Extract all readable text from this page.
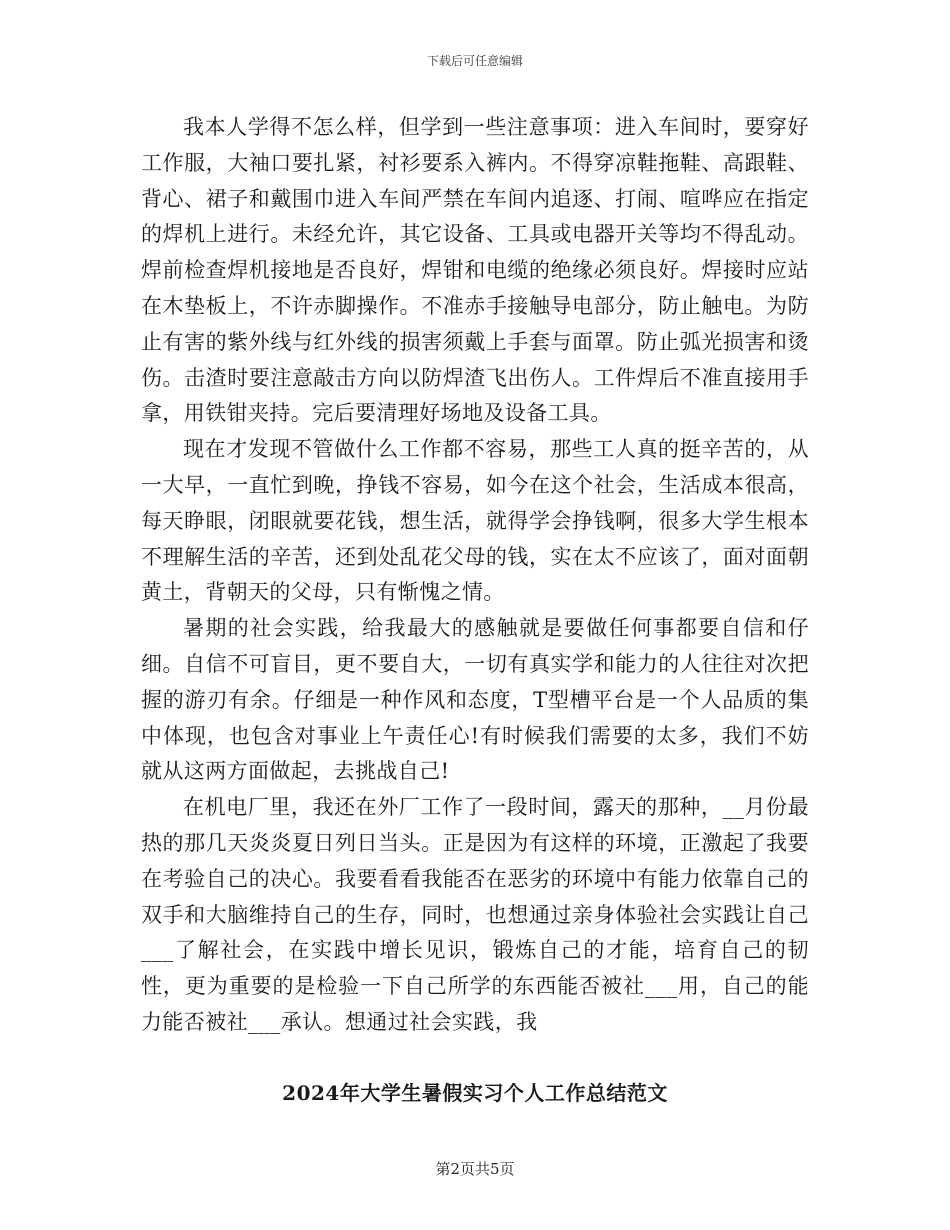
下载后可任意编辑

我本人学得不怎么样，但学到一些注意事项：进入车间时，要穿好工作服，大袖口要扎紧，衬衫要系入裤内。不得穿凉鞋拖鞋、高跟鞋、背心、裙子和戴围巾进入车间严禁在车间内追逐、打闹、喧哗应在指定的焊机上进行。未经允许，其它设备、工具或电器开关等均不得乱动。焊前检查焊机接地是否良好，焊钳和电缆的绝缘必须良好。焊接时应站在木垫板上，不许赤脚操作。不准赤手接触导电部分，防止触电。为防止有害的紫外线与红外线的损害须戴上手套与面罩。防止弧光损害和烫伤。击渣时要注意敲击方向以防焊渣飞出伤人。工件焊后不准直接用手拿，用铁钳夹持。完后要清理好场地及设备工具。

现在才发现不管做什么工作都不容易，那些工人真的挺辛苦的，从一大早，一直忙到晚，挣钱不容易，如今在这个社会，生活成本很高，每天睁眼，闭眼就要花钱，想生活，就得学会挣钱啊，很多大学生根本不理解生活的辛苦，还到处乱花父母的钱，实在太不应该了，面对面朝黄土，背朝天的父母，只有惭愧之情。

暑期的社会实践，给我最大的感触就是要做任何事都要自信和仔细。自信不可盲目，更不要自大，一切有真实学和能力的人往往对次把握的游刃有余。仔细是一种作风和态度，T型槽平台是一个人品质的集中体现，也包含对事业上午责任心!有时候我们需要的太多，我们不妨就从这两方面做起，去挑战自己!

在机电厂里，我还在外厂工作了一段时间，露天的那种，__月份最热的那几天炎炎夏日列日当头。正是因为有这样的环境，正激起了我要在考验自己的决心。我要看看我能否在恶劣的环境中有能力依靠自己的双手和大脑维持自己的生存，同时，也想通过亲身体验社会实践让自己___了解社会，在实践中增长见识，锻炼自己的才能，培育自己的韧性，更为重要的是检验一下自己所学的东西能否被社___用，自己的能力能否被社___承认。想通过社会实践，我

2024年大学生暑假实习个人工作总结范文
第2页共5页
